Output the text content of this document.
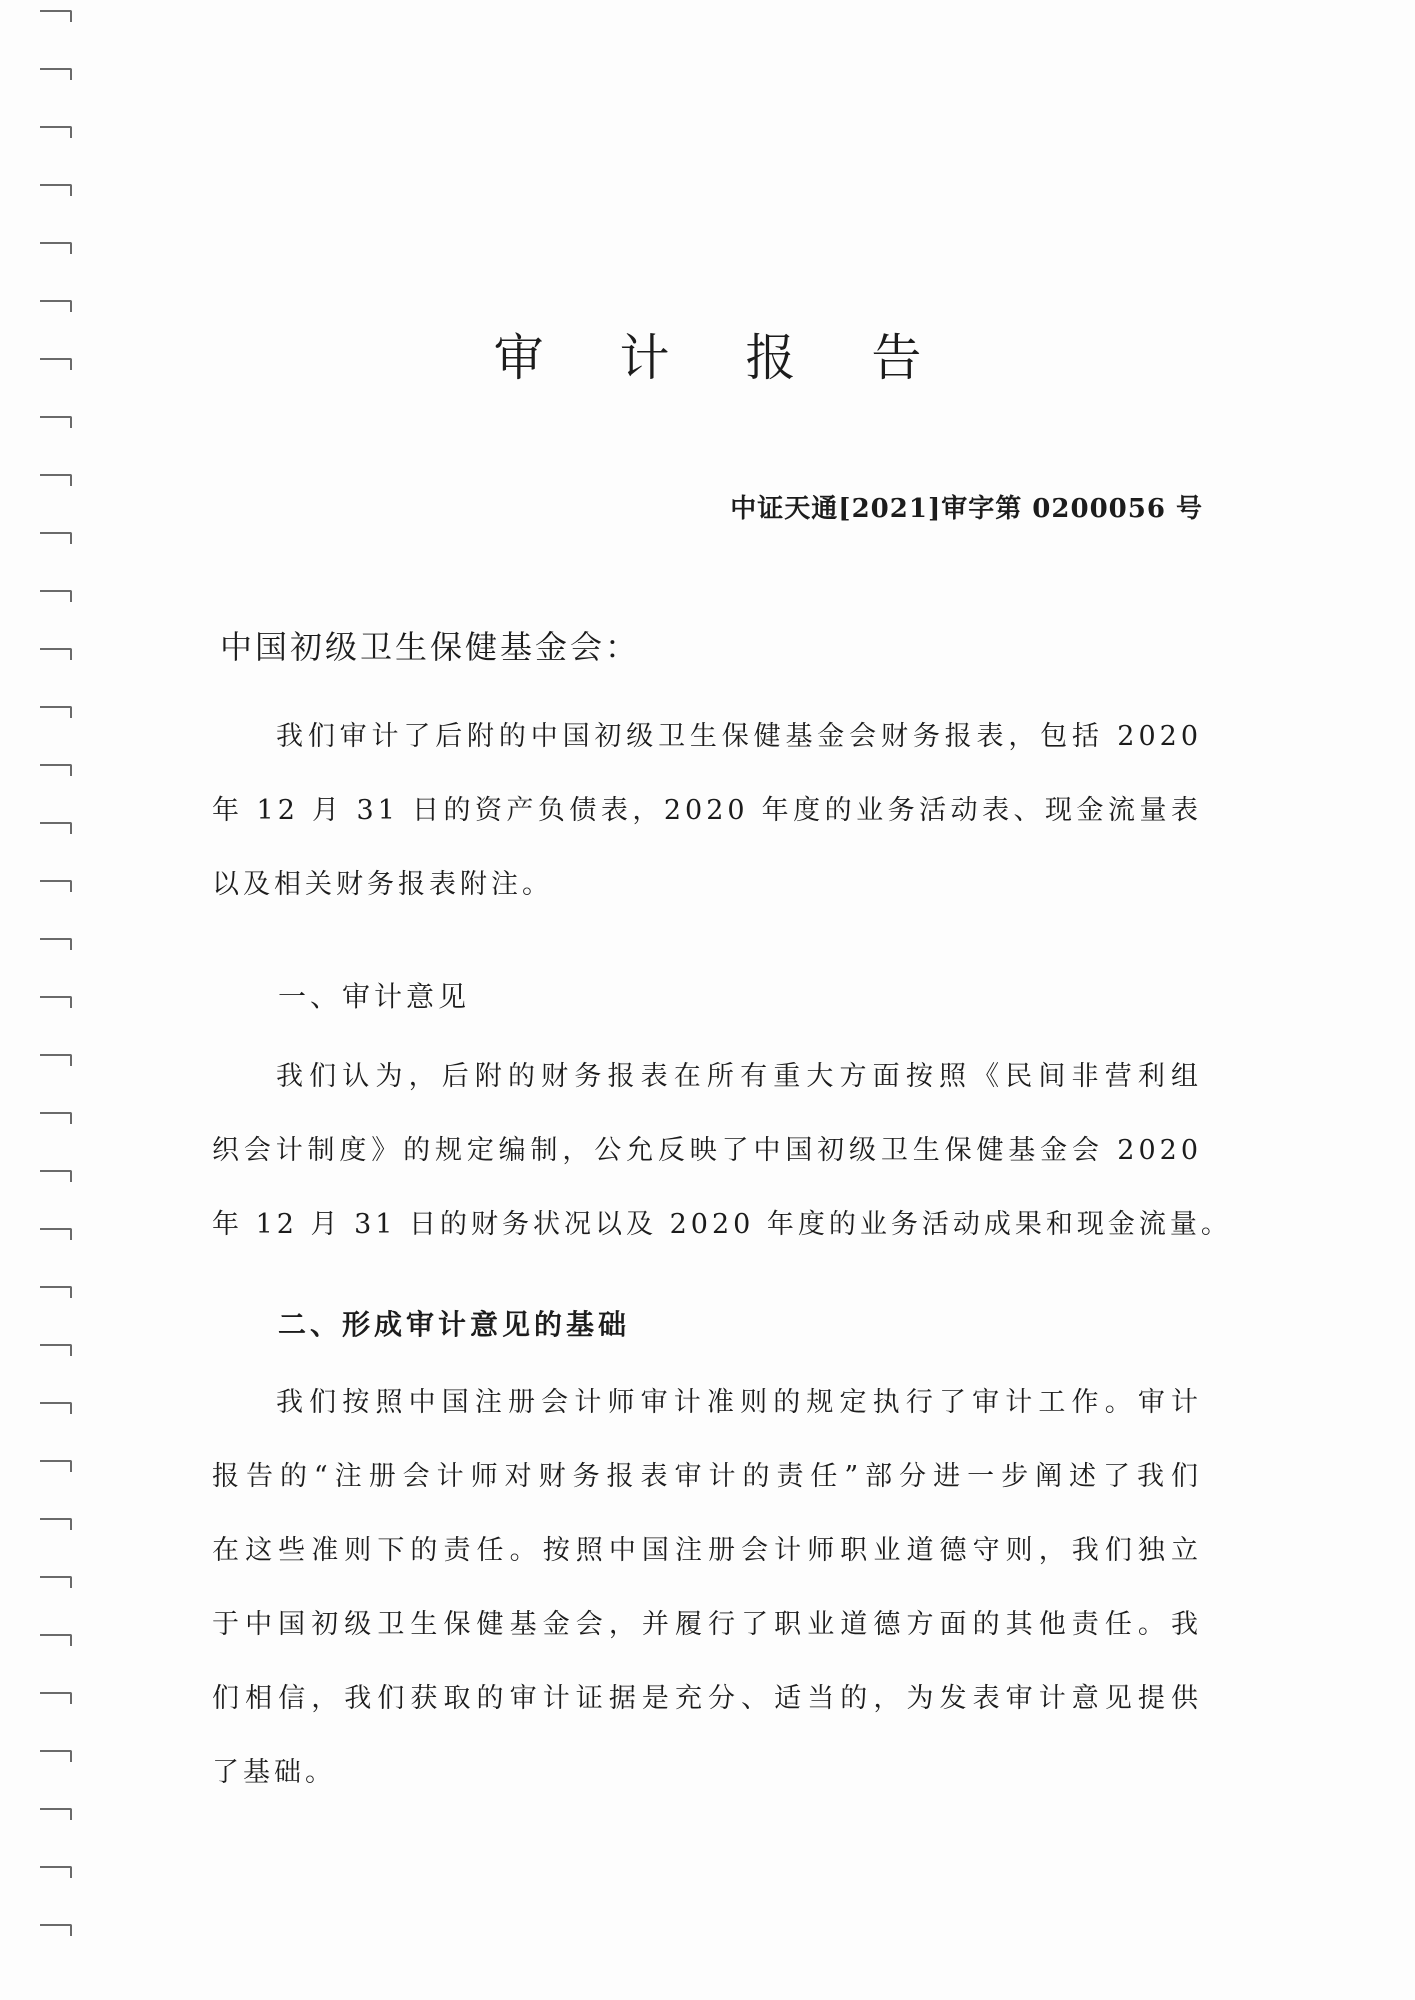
审 计 报 告
中证天通[2021]审字第 0200056 号
中国初级卫生保健基金会：
我们审计了后附的中国初级卫生保健基金会财务报表，包括 2020
年 12 月 31 日的资产负债表，2020 年度的业务活动表、现金流量表
以及相关财务报表附注。
一、审计意见
我们认为，后附的财务报表在所有重大方面按照《民间非营利组
织会计制度》的规定编制，公允反映了中国初级卫生保健基金会 2020
年 12 月 31 日的财务状况以及 2020 年度的业务活动成果和现金流量。
二、形成审计意见的基础
我们按照中国注册会计师审计准则的规定执行了审计工作。审计
报告的“注册会计师对财务报表审计的责任”部分进一步阐述了我们
在这些准则下的责任。按照中国注册会计师职业道德守则，我们独立
于中国初级卫生保健基金会，并履行了职业道德方面的其他责任。我
们相信，我们获取的审计证据是充分、适当的，为发表审计意见提供
了基础。
